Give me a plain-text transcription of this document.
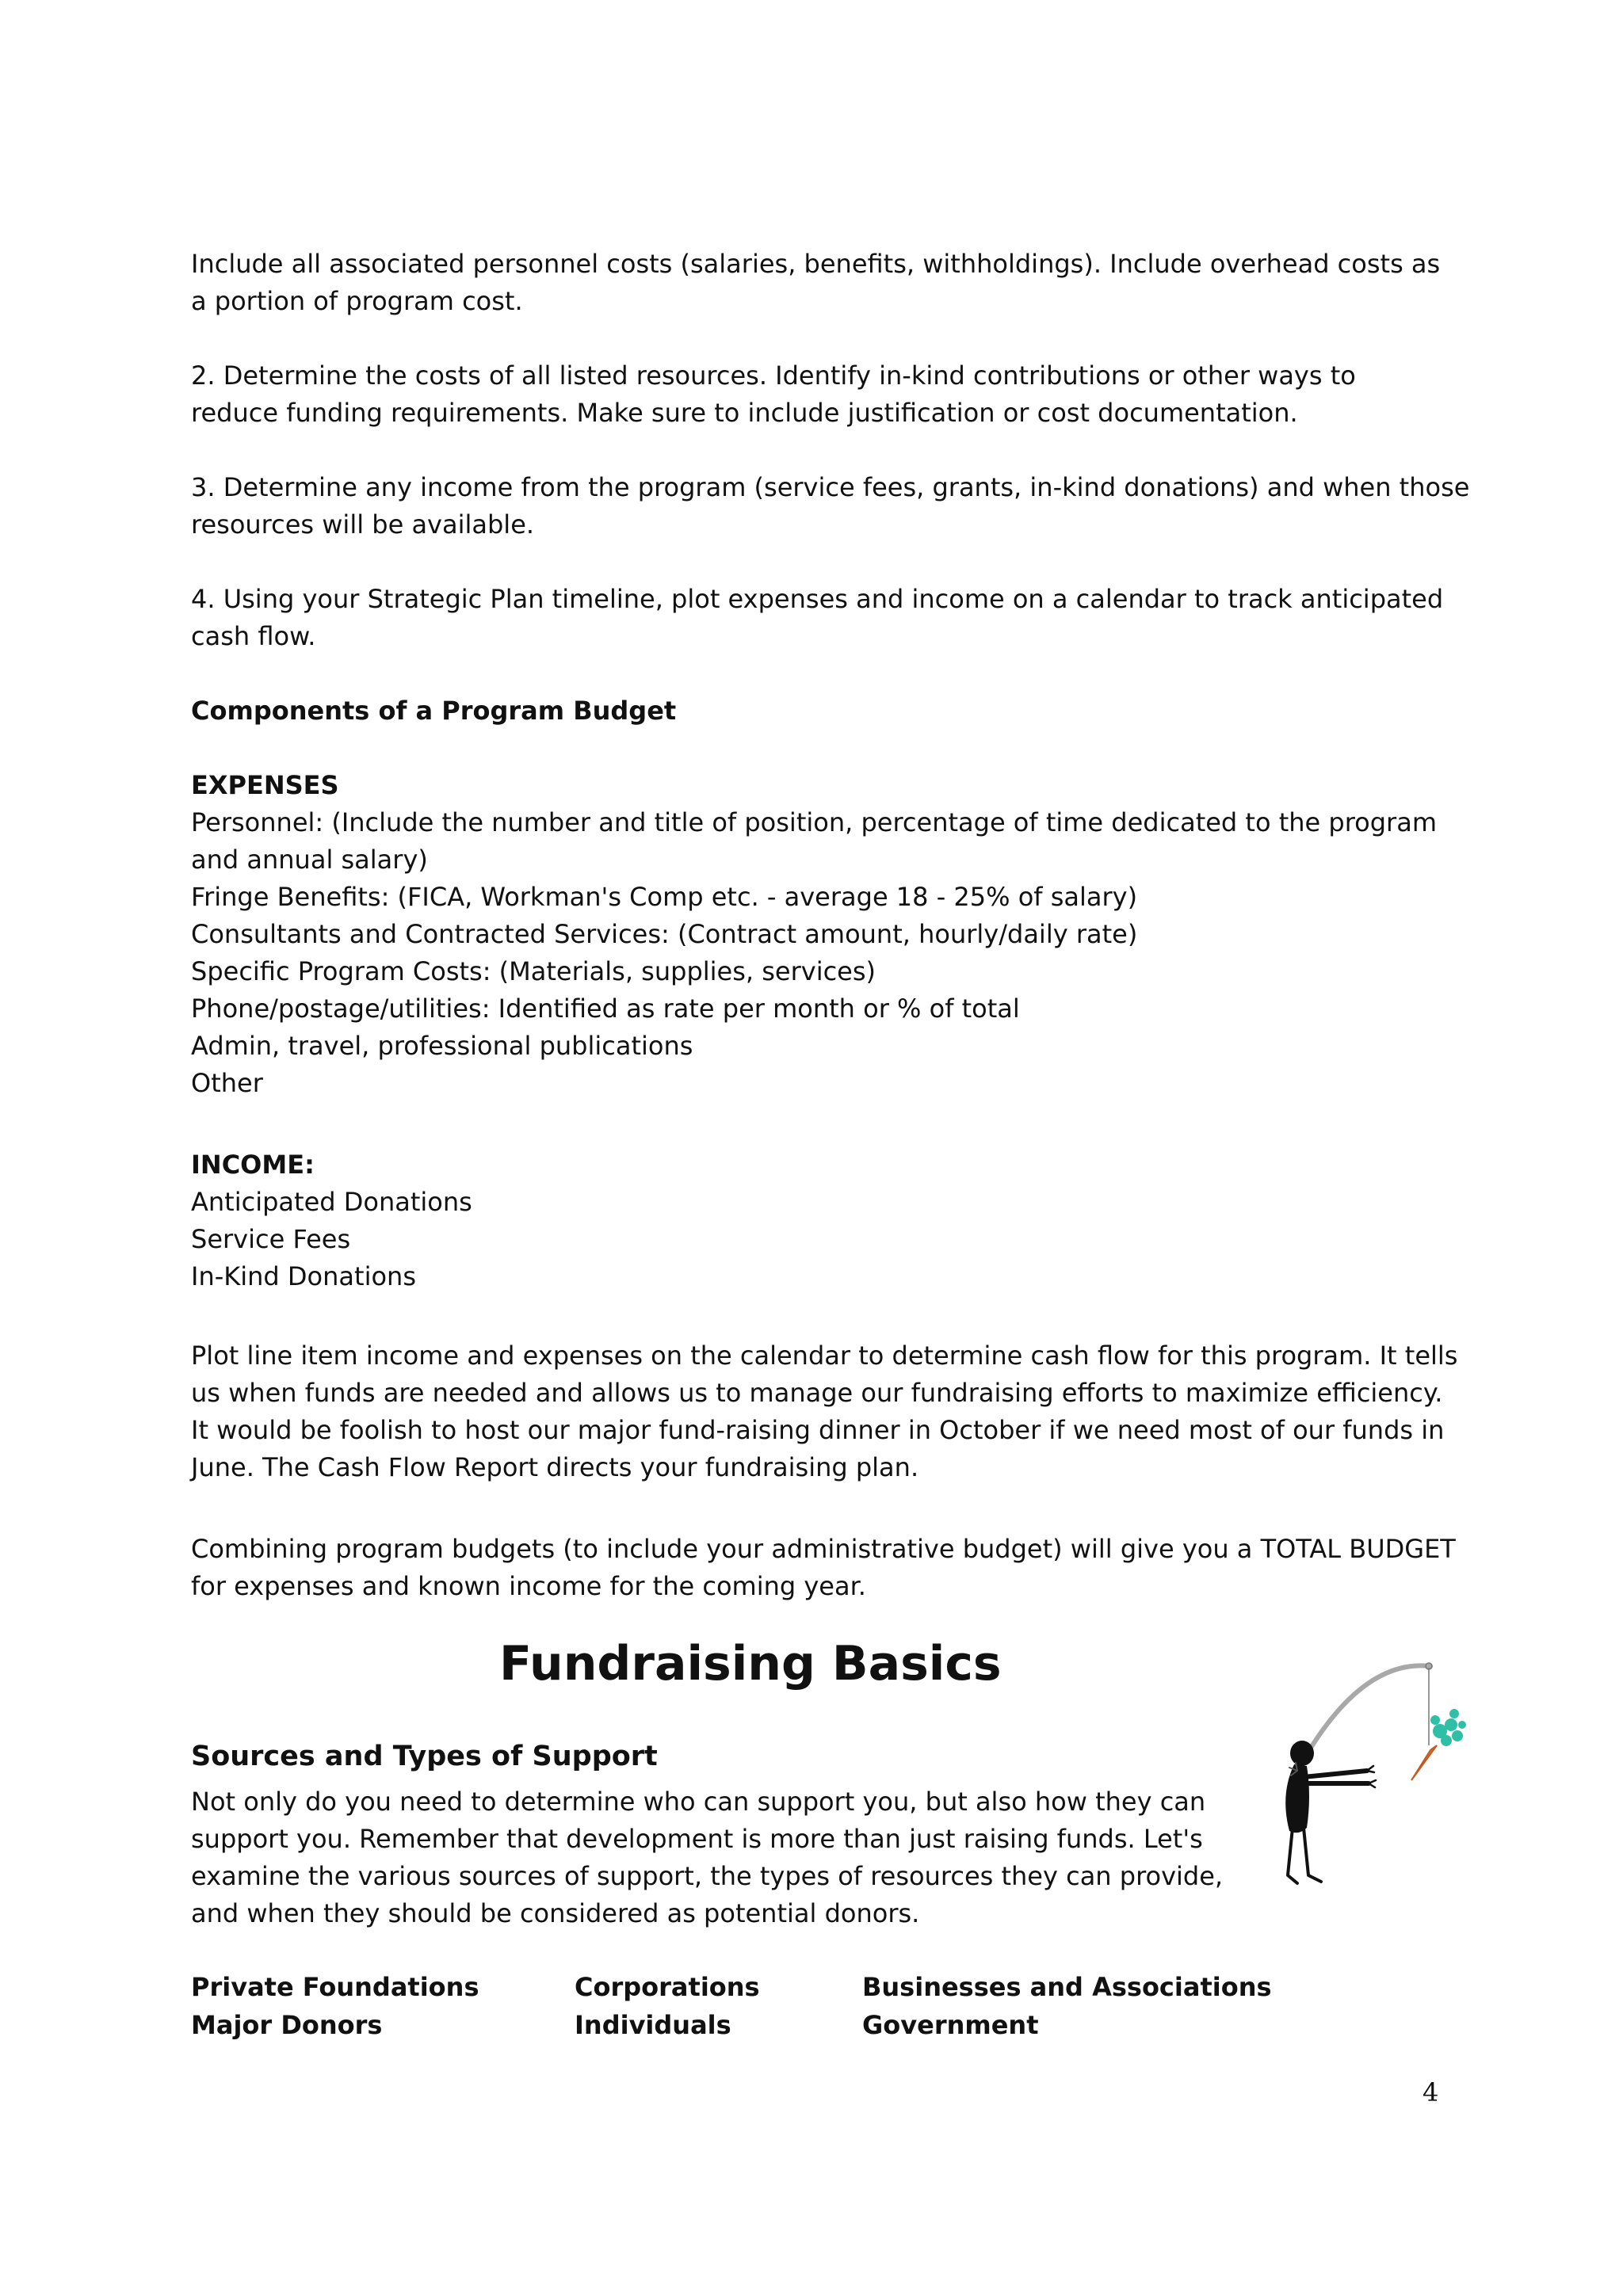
Include all associated personnel costs (salaries, benefits, withholdings). Include overhead costs as
a portion of program cost.

2. Determine the costs of all listed resources. Identify in-kind contributions or other ways to
reduce funding requirements. Make sure to include justification or cost documentation.

3. Determine any income from the program (service fees, grants, in-kind donations) and when those
resources will be available.

4. Using your Strategic Plan timeline, plot expenses and income on a calendar to track anticipated
cash flow.

Components of a Program Budget

EXPENSES
Personnel: (Include the number and title of position, percentage of time dedicated to the program
and annual salary)
Fringe Benefits: (FICA, Workman's Comp etc. - average 18 - 25% of salary)
Consultants and Contracted Services: (Contract amount, hourly/daily rate)
Specific Program Costs: (Materials, supplies, services)
Phone/postage/utilities: Identified as rate per month or % of total
Admin, travel, professional publications
Other
INCOME:
Anticipated Donations
Service Fees
In-Kind Donations

Plot line item income and expenses on the calendar to determine cash flow for this program. It tells
us when funds are needed and allows us to manage our fundraising efforts to maximize efficiency.
It would be foolish to host our major fund-raising dinner in October if we need most of our funds in
June. The Cash Flow Report directs your fundraising plan.

Combining program budgets (to include your administrative budget) will give you a TOTAL BUDGET
for expenses and known income for the coming year.

Fundraising Basics
Sources and Types of Support

Not only do you need to determine who can support you, but also how they can
support you. Remember that development is more than just raising funds. Let's
examine the various sources of support, the types of resources they can provide,
and when they should be considered as potential donors.

Private Foundations
Major Donors
Corporations
Individuals
Businesses and Associations
Government
4
